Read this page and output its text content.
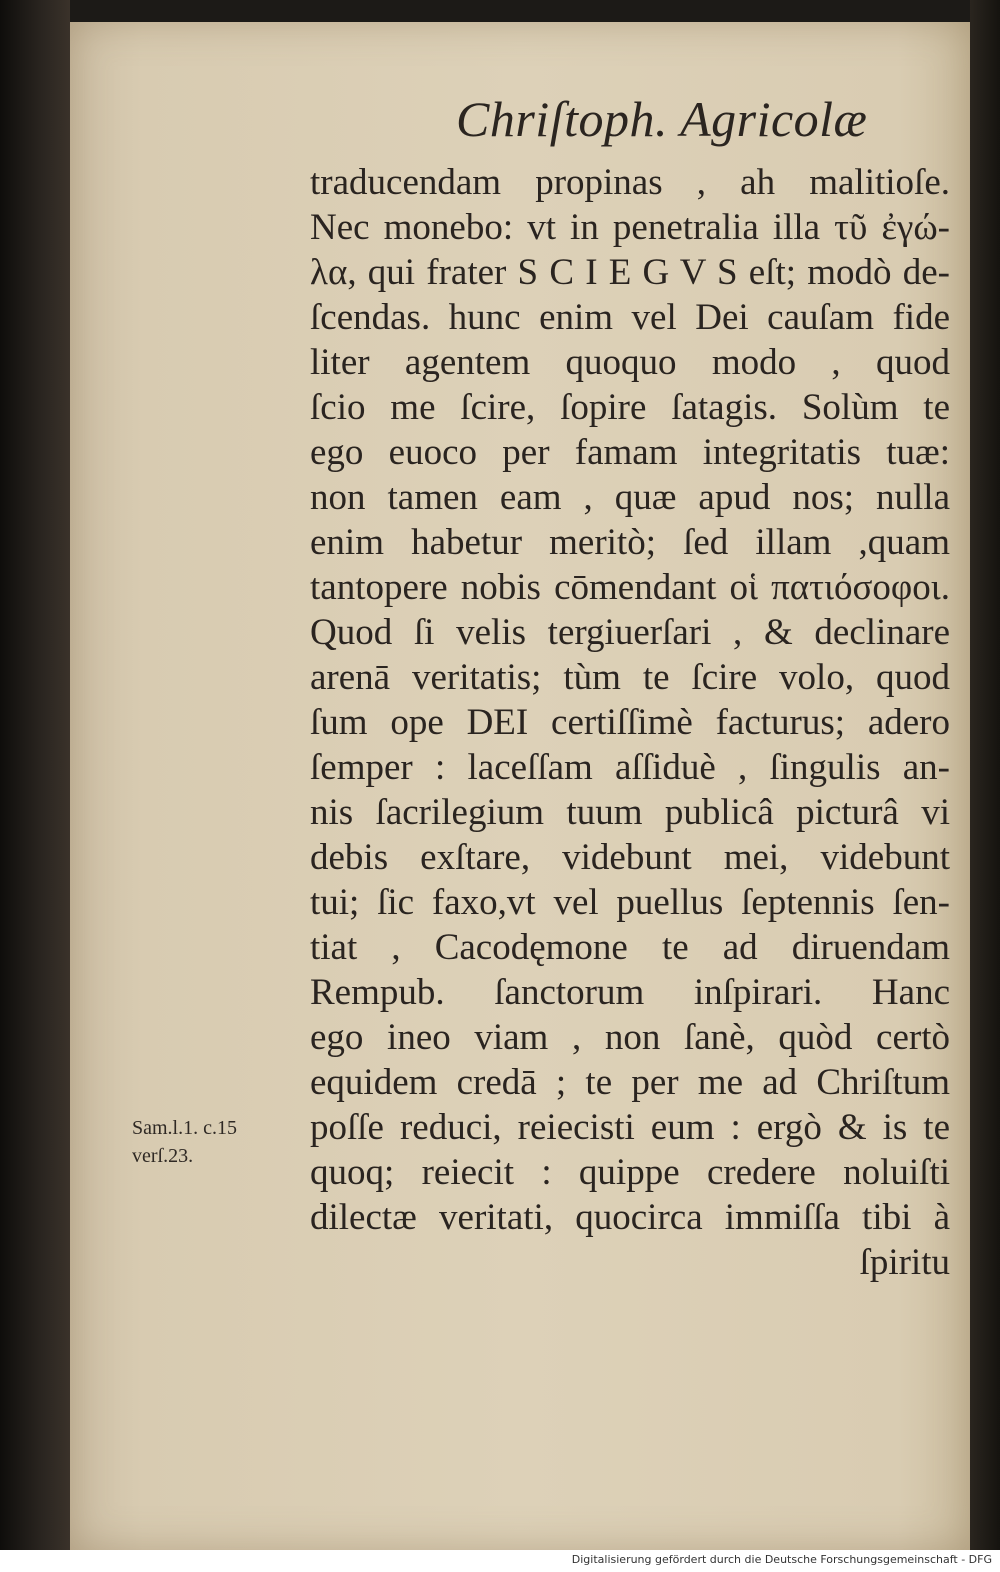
Chriſtoph. Agricolæ
traducendam propinas , ah malitioſe.
Nec monebo: vt in penetralia illa τῦ ἐγώ-
λα, qui frater S C I E G V S eſt; modò de-
ſcendas. hunc enim vel Dei cauſam fide
liter agentem quoquo modo , quod
ſcio me ſcire, ſopire ſatagis. Solùm te
ego euoco per famam integritatis tuæ:
non tamen eam , quæ apud nos; nulla
enim habetur meritò; ſed illam ,quam
tantopere nobis cōmendant οἱ πατιόσοφοι.
Quod ſi velis tergiuerſari , & declinare
arenā veritatis; tùm te ſcire volo, quod
ſum ope DEI certiſſimè facturus; adero
ſemper : laceſſam aſſiduè , ſingulis an-
nis ſacrilegium tuum publicâ picturâ vi
debis exſtare, videbunt mei, videbunt
tui; ſic faxo,vt vel puellus ſeptennis ſen-
tiat , Cacodęmone te ad diruendam
Rempub. ſanctorum inſpirari. Hanc
ego ineo viam , non ſanè, quòd certò
equidem credā ; te per me ad Chriſtum
poſſe reduci, reiecisti eum : ergò & is te
quoq; reiecit : quippe credere noluiſti
dilectæ veritati, quocirca immiſſa tibi à
ſpiritu
Sam.l.1. c.15
verſ.23.
Digitalisierung gefördert durch die Deutsche Forschungsgemeinschaft - DFG
